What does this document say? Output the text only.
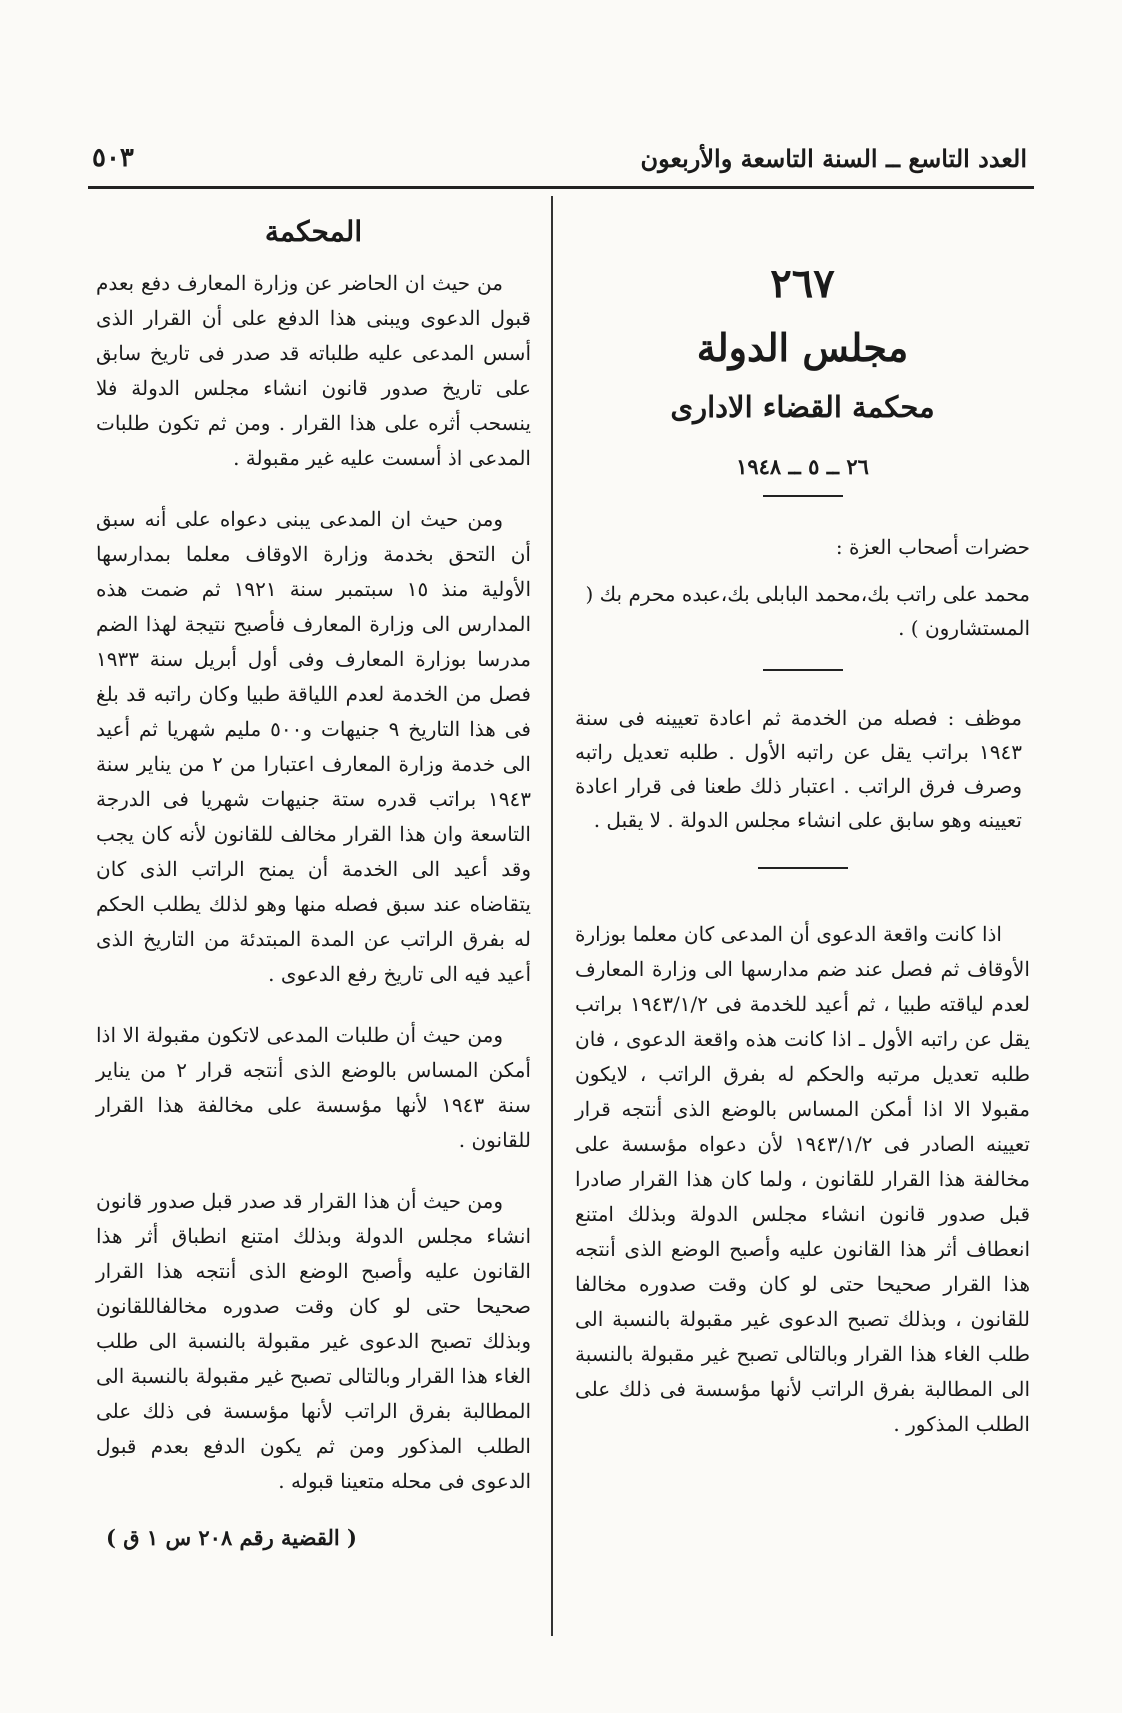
العدد التاسع ــ السنة التاسعة والأربعون
٥٠٣
٢٦٧
مجلس الدولة
محكمة القضاء الادارى
٢٦ ــ ٥ ــ ١٩٤٨
حضرات أصحاب العزة :
محمد على راتب بك،محمد البابلى بك،عبده محرم بك ( المستشارون ) .
موظف : فصله من الخدمة ثم اعادة تعيينه فى سنة ١٩٤٣ براتب يقل عن راتبه الأول . طلبه تعديل راتبه وصرف فرق الراتب . اعتبار ذلك طعنا فى قرار اعادة تعيينه وهو سابق على انشاء مجلس الدولة . لا يقبل .
اذا كانت واقعة الدعوى أن المدعى كان معلما بوزارة الأوقاف ثم فصل عند ضم مدارسها الى وزارة المعارف لعدم لياقته طبيا ، ثم أعيد للخدمة فى ١٩٤٣/١/٢ براتب يقل عن راتبه الأول ـ اذا كانت هذه واقعة الدعوى ، فان طلبه تعديل مرتبه والحكم له بفرق الراتب ، لايكون مقبولا الا اذا أمكن المساس بالوضع الذى أنتجه قرار تعيينه الصادر فى ١٩٤٣/١/٢ لأن دعواه مؤسسة على مخالفة هذا القرار للقانون ، ولما كان هذا القرار صادرا قبل صدور قانون انشاء مجلس الدولة وبذلك امتنع انعطاف أثر هذا القانون عليه وأصبح الوضع الذى أنتجه هذا القرار صحيحا حتى لو كان وقت صدوره مخالفا للقانون ، وبذلك تصبح الدعوى غير مقبولة بالنسبة الى طلب الغاء هذا القرار وبالتالى تصبح غير مقبولة بالنسبة الى المطالبة بفرق الراتب لأنها مؤسسة فى ذلك على الطلب المذكور .
المحكمة

من حيث ان الحاضر عن وزارة المعارف دفع بعدم قبول الدعوى ويبنى هذا الدفع على أن القرار الذى أسس المدعى عليه طلباته قد صدر فى تاريخ سابق على تاريخ صدور قانون انشاء مجلس الدولة فلا ينسحب أثره على هذا القرار . ومن ثم تكون طلبات المدعى اذ أسست عليه غير مقبولة .

ومن حيث ان المدعى يبنى دعواه على أنه سبق أن التحق بخدمة وزارة الاوقاف معلما بمدارسها الأولية منذ ١٥ سبتمبر سنة ١٩٢١ ثم ضمت هذه المدارس الى وزارة المعارف فأصبح نتيجة لهذا الضم مدرسا بوزارة المعارف وفى أول أبريل سنة ١٩٣٣ فصل من الخدمة لعدم اللياقة طبيا وكان راتبه قد بلغ فى هذا التاريخ ٩ جنيهات و٥٠٠ مليم شهريا ثم أعيد الى خدمة وزارة المعارف اعتبارا من ٢ من يناير سنة ١٩٤٣ براتب قدره ستة جنيهات شهريا فى الدرجة التاسعة وان هذا القرار مخالف للقانون لأنه كان يجب وقد أعيد الى الخدمة أن يمنح الراتب الذى كان يتقاضاه عند سبق فصله منها وهو لذلك يطلب الحكم له بفرق الراتب عن المدة المبتدئة من التاريخ الذى أعيد فيه الى تاريخ رفع الدعوى .

ومن حيث أن طلبات المدعى لاتكون مقبولة الا اذا أمكن المساس بالوضع الذى أنتجه قرار ٢ من يناير سنة ١٩٤٣ لأنها مؤسسة على مخالفة هذا القرار للقانون .

ومن حيث أن هذا القرار قد صدر قبل صدور قانون انشاء مجلس الدولة وبذلك امتنع انطباق أثر هذا القانون عليه وأصبح الوضع الذى أنتجه هذا القرار صحيحا حتى لو كان وقت صدوره مخالفاللقانون وبذلك تصبح الدعوى غير مقبولة بالنسبة الى طلب الغاء هذا القرار وبالتالى تصبح غير مقبولة بالنسبة الى المطالبة بفرق الراتب لأنها مؤسسة فى ذلك على الطلب المذكور ومن ثم يكون الدفع بعدم قبول الدعوى فى محله متعينا قبوله .

( القضية رقم ٢٠٨ س ١ ق )
